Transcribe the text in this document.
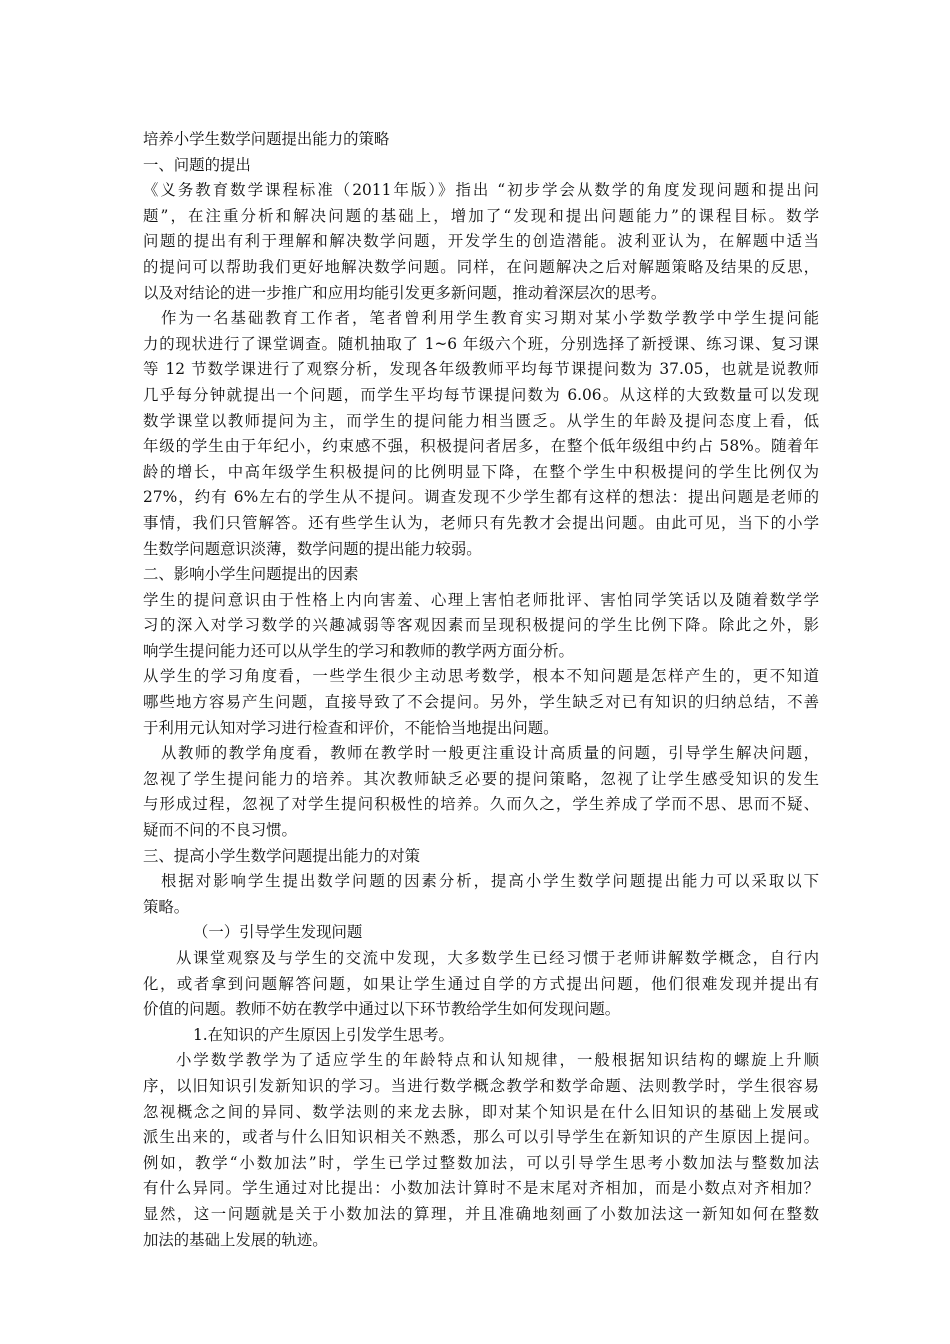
培养小学生数学问题提出能力的策略
一、问题的提出
《义务教育数学课程标准（2011年版）》指出 “初步学会从数学的角度发现问题和提出问
题”，在注重分析和解决问题的基础上，增加了“发现和提出问题能力”的课程目标。数学
问题的提出有利于理解和解决数学问题，开发学生的创造潜能。波利亚认为，在解题中适当
的提问可以帮助我们更好地解决数学问题。同样，在问题解决之后对解题策略及结果的反思，
以及对结论的进一步推广和应用均能引发更多新问题，推动着深层次的思考。
作为一名基础教育工作者，笔者曾利用学生教育实习期对某小学数学教学中学生提问能
力的现状进行了课堂调查。随机抽取了 1~6 年级六个班，分别选择了新授课、练习课、复习课
等 12 节数学课进行了观察分析，发现各年级教师平均每节课提问数为 37.05，也就是说教师
几乎每分钟就提出一个问题，而学生平均每节课提问数为 6.06。从这样的大致数量可以发现
数学课堂以教师提问为主，而学生的提问能力相当匮乏。从学生的年龄及提问态度上看，低
年级的学生由于年纪小，约束感不强，积极提问者居多，在整个低年级组中约占 58%。随着年
龄的增长，中高年级学生积极提问的比例明显下降，在整个学生中积极提问的学生比例仅为
27%，约有 6%左右的学生从不提问。调查发现不少学生都有这样的想法：提出问题是老师的
事情，我们只管解答。还有些学生认为，老师只有先教才会提出问题。由此可见，当下的小学
生数学问题意识淡薄，数学问题的提出能力较弱。
二、影响小学生问题提出的因素
学生的提问意识由于性格上内向害羞、心理上害怕老师批评、害怕同学笑话以及随着数学学
习的深入对学习数学的兴趣减弱等客观因素而呈现积极提问的学生比例下降。除此之外，影
响学生提问能力还可以从学生的学习和教师的教学两方面分析。
从学生的学习角度看，一些学生很少主动思考数学，根本不知问题是怎样产生的，更不知道
哪些地方容易产生问题，直接导致了不会提问。另外，学生缺乏对已有知识的归纳总结，不善
于利用元认知对学习进行检查和评价，不能恰当地提出问题。
从教师的教学角度看，教师在教学时一般更注重设计高质量的问题，引导学生解决问题，
忽视了学生提问能力的培养。其次教师缺乏必要的提问策略，忽视了让学生感受知识的发生
与形成过程，忽视了对学生提问积极性的培养。久而久之，学生养成了学而不思、思而不疑、
疑而不问的不良习惯。
三、提高小学生数学问题提出能力的对策
根据对影响学生提出数学问题的因素分析，提高小学生数学问题提出能力可以采取以下
策略。
（一）引导学生发现问题
从课堂观察及与学生的交流中发现，大多数学生已经习惯于老师讲解数学概念，自行内
化，或者拿到问题解答问题，如果让学生通过自学的方式提出问题，他们很难发现并提出有
价值的问题。教师不妨在教学中通过以下环节教给学生如何发现问题。
1.在知识的产生原因上引发学生思考。
小学数学教学为了适应学生的年龄特点和认知规律，一般根据知识结构的螺旋上升顺
序，以旧知识引发新知识的学习。当进行数学概念教学和数学命题、法则教学时，学生很容易
忽视概念之间的异同、数学法则的来龙去脉，即对某个知识是在什么旧知识的基础上发展或
派生出来的，或者与什么旧知识相关不熟悉，那么可以引导学生在新知识的产生原因上提问。
例如，教学“小数加法”时，学生已学过整数加法，可以引导学生思考小数加法与整数加法
有什么异同。学生通过对比提出：小数加法计算时不是末尾对齐相加，而是小数点对齐相加？
显然，这一问题就是关于小数加法的算理，并且准确地刻画了小数加法这一新知如何在整数
加法的基础上发展的轨迹。
